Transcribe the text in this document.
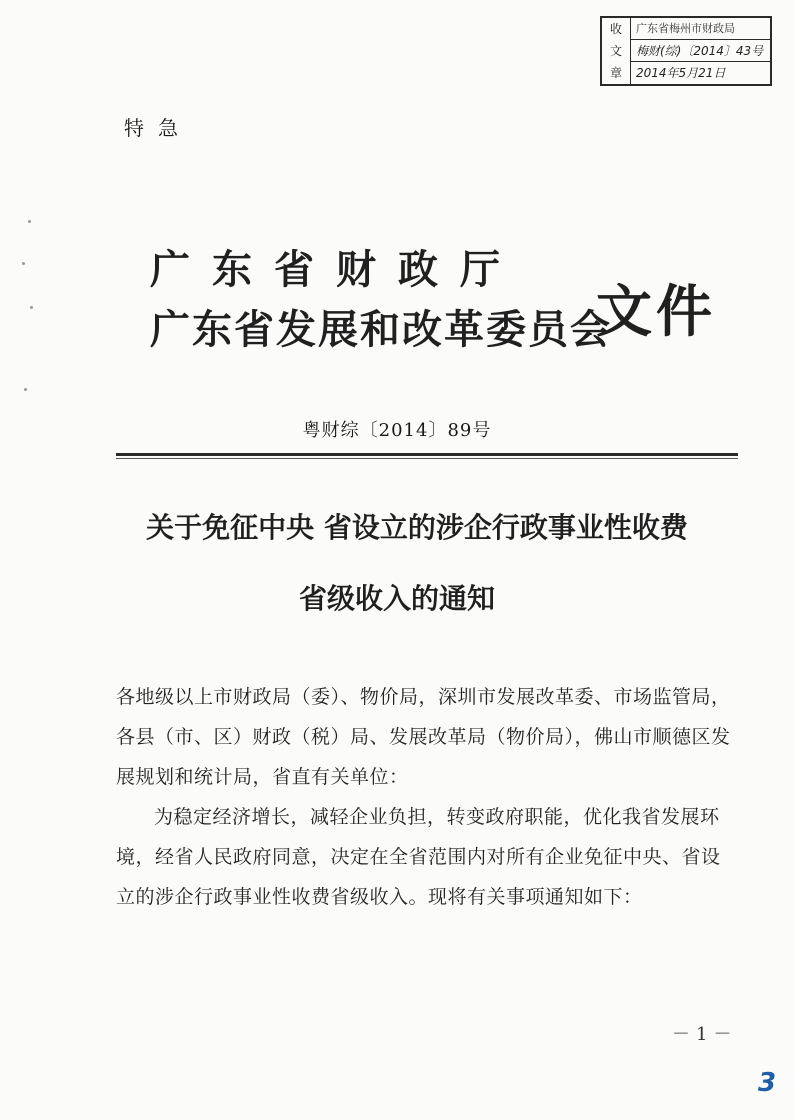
收
文
章
广东省梅州市财政局
梅财(综)〔2014〕43号
2014年5月21日
特急
广东省财政厅
广东省发展和改革委员会
文件
粤财综〔2014〕89号
关于免征中央 省设立的涉企行政事业性收费
省级收入的通知
各地级以上市财政局（委）、物价局，深圳市发展改革委、市场监管局，各县（市、区）财政（税）局、发展改革局（物价局），佛山市顺德区发展规划和统计局，省直有关单位：
为稳定经济增长，减轻企业负担，转变政府职能，优化我省发展环境，经省人民政府同意，决定在全省范围内对所有企业免征中央、省设立的涉企行政事业性收费省级收入。现将有关事项通知如下：
－1－
3
